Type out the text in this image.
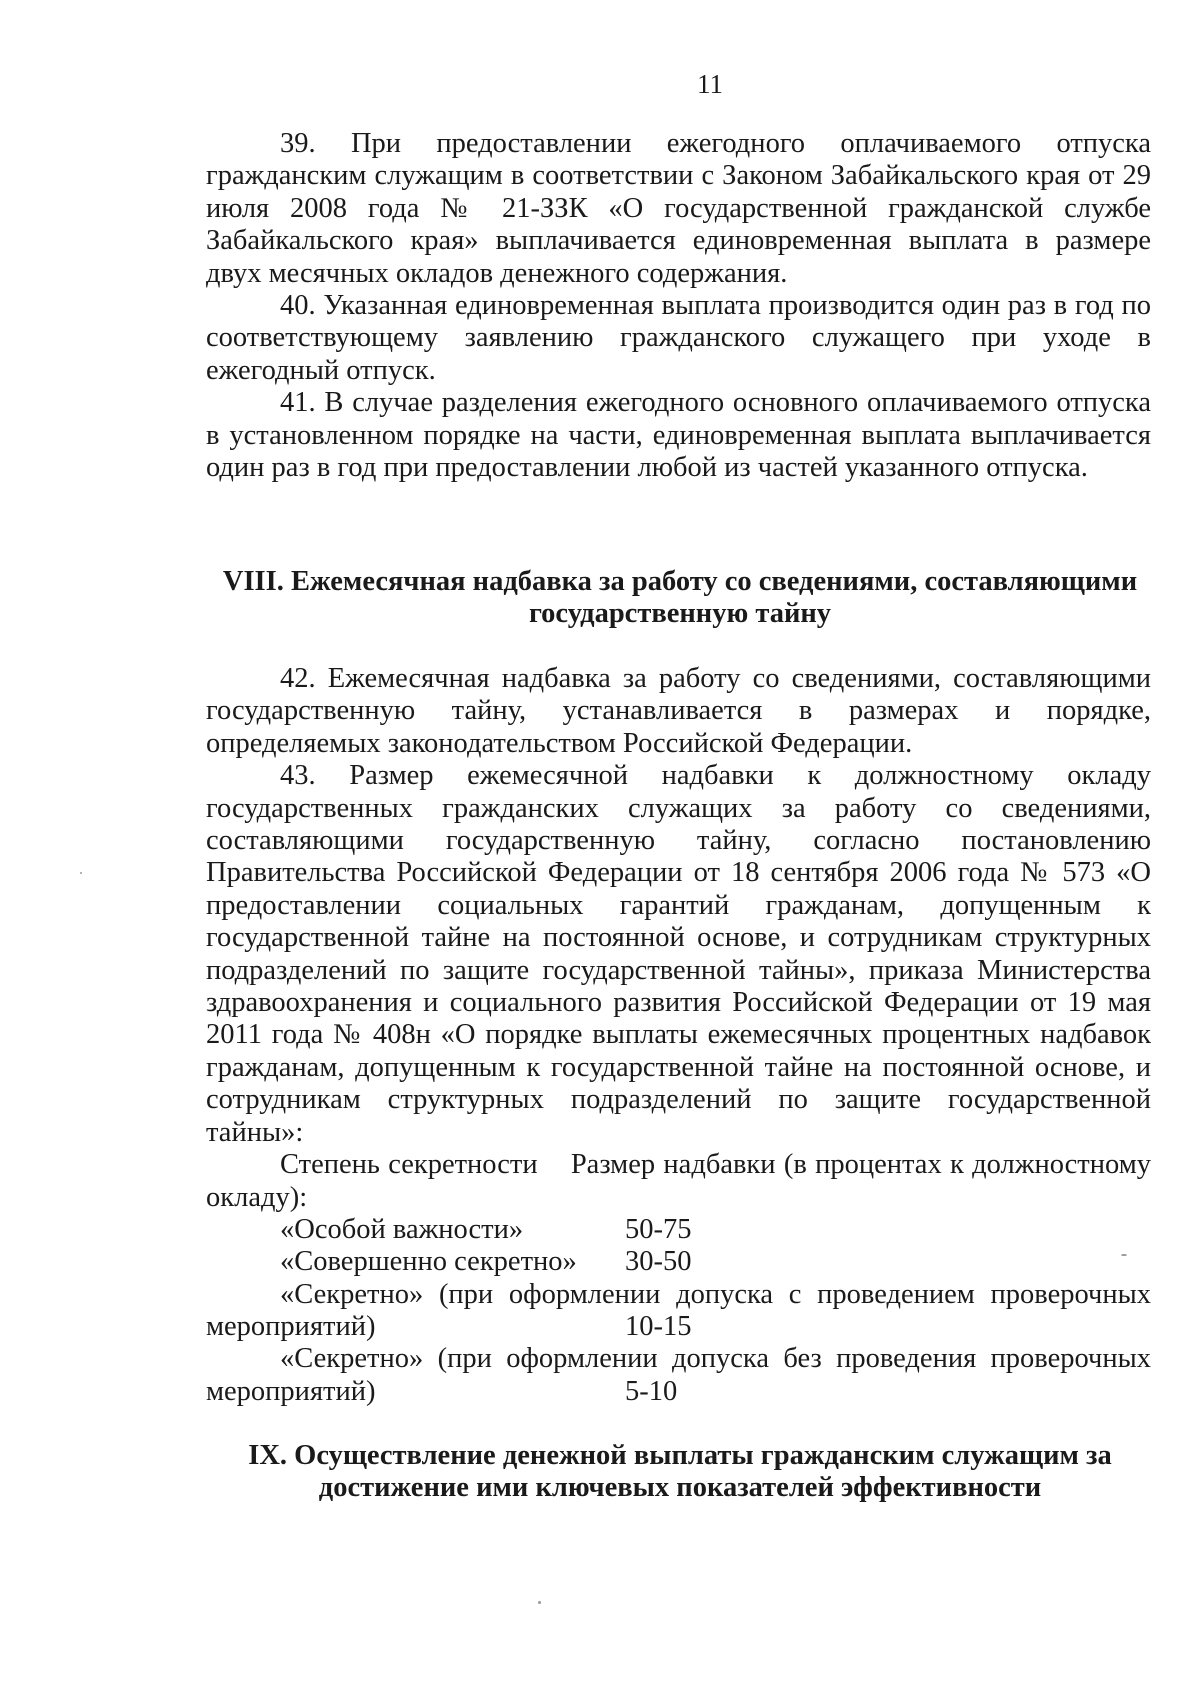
11

39. При предоставлении ежегодного оплачиваемого отпуска гражданским служащим в соответствии с Законом Забайкальского края от 29 июля 2008 года № 21-ЗЗК «О государственной гражданской службе Забайкальского края» выплачивается единовременная выплата в размере двух месячных окладов денежного содержания.

40. Указанная единовременная выплата производится один раз в год по соответствующему заявлению гражданского служащего при уходе в ежегодный отпуск.

41. В случае разделения ежегодного основного оплачиваемого отпуска в установленном порядке на части, единовременная выплата выплачивается один раз в год при предоставлении любой из частей указанного отпуска.

VIII. Ежемесячная надбавка за работу со сведениями, составляющими
государственную тайну

42. Ежемесячная надбавка за работу со сведениями, составляющими государственную тайну, устанавливается в размерах и порядке, определяемых законодательством Российской Федерации.

43. Размер ежемесячной надбавки к должностному окладу государственных гражданских служащих за работу со сведениями, составляющими государственную тайну, согласно постановлению Правительства Российской Федерации от 18 сентября 2006 года № 573 «О предоставлении социальных гарантий гражданам, допущенным к государственной тайне на постоянной основе, и сотрудникам структурных подразделений по защите государственной тайны», приказа Министерства здравоохранения и социального развития Российской Федерации от 19 мая 2011 года № 408н «О порядке выплаты ежемесячных процентных надбавок гражданам, допущенным к государственной тайне на постоянной основе, и сотрудникам структурных подразделений по защите государственной тайны»:

Степень секретности    Размер надбавки (в процентах к должностному окладу):

«Особой важности»	50-75
«Совершенно секретно»	30-50

«Секретно» (при оформлении допуска с проведением проверочных

мероприятий)	10-15

«Секретно» (при оформлении допуска без проведения проверочных

мероприятий)	5-10
IX. Осуществление денежной выплаты гражданским служащим за
достижение ими ключевых показателей эффективности
